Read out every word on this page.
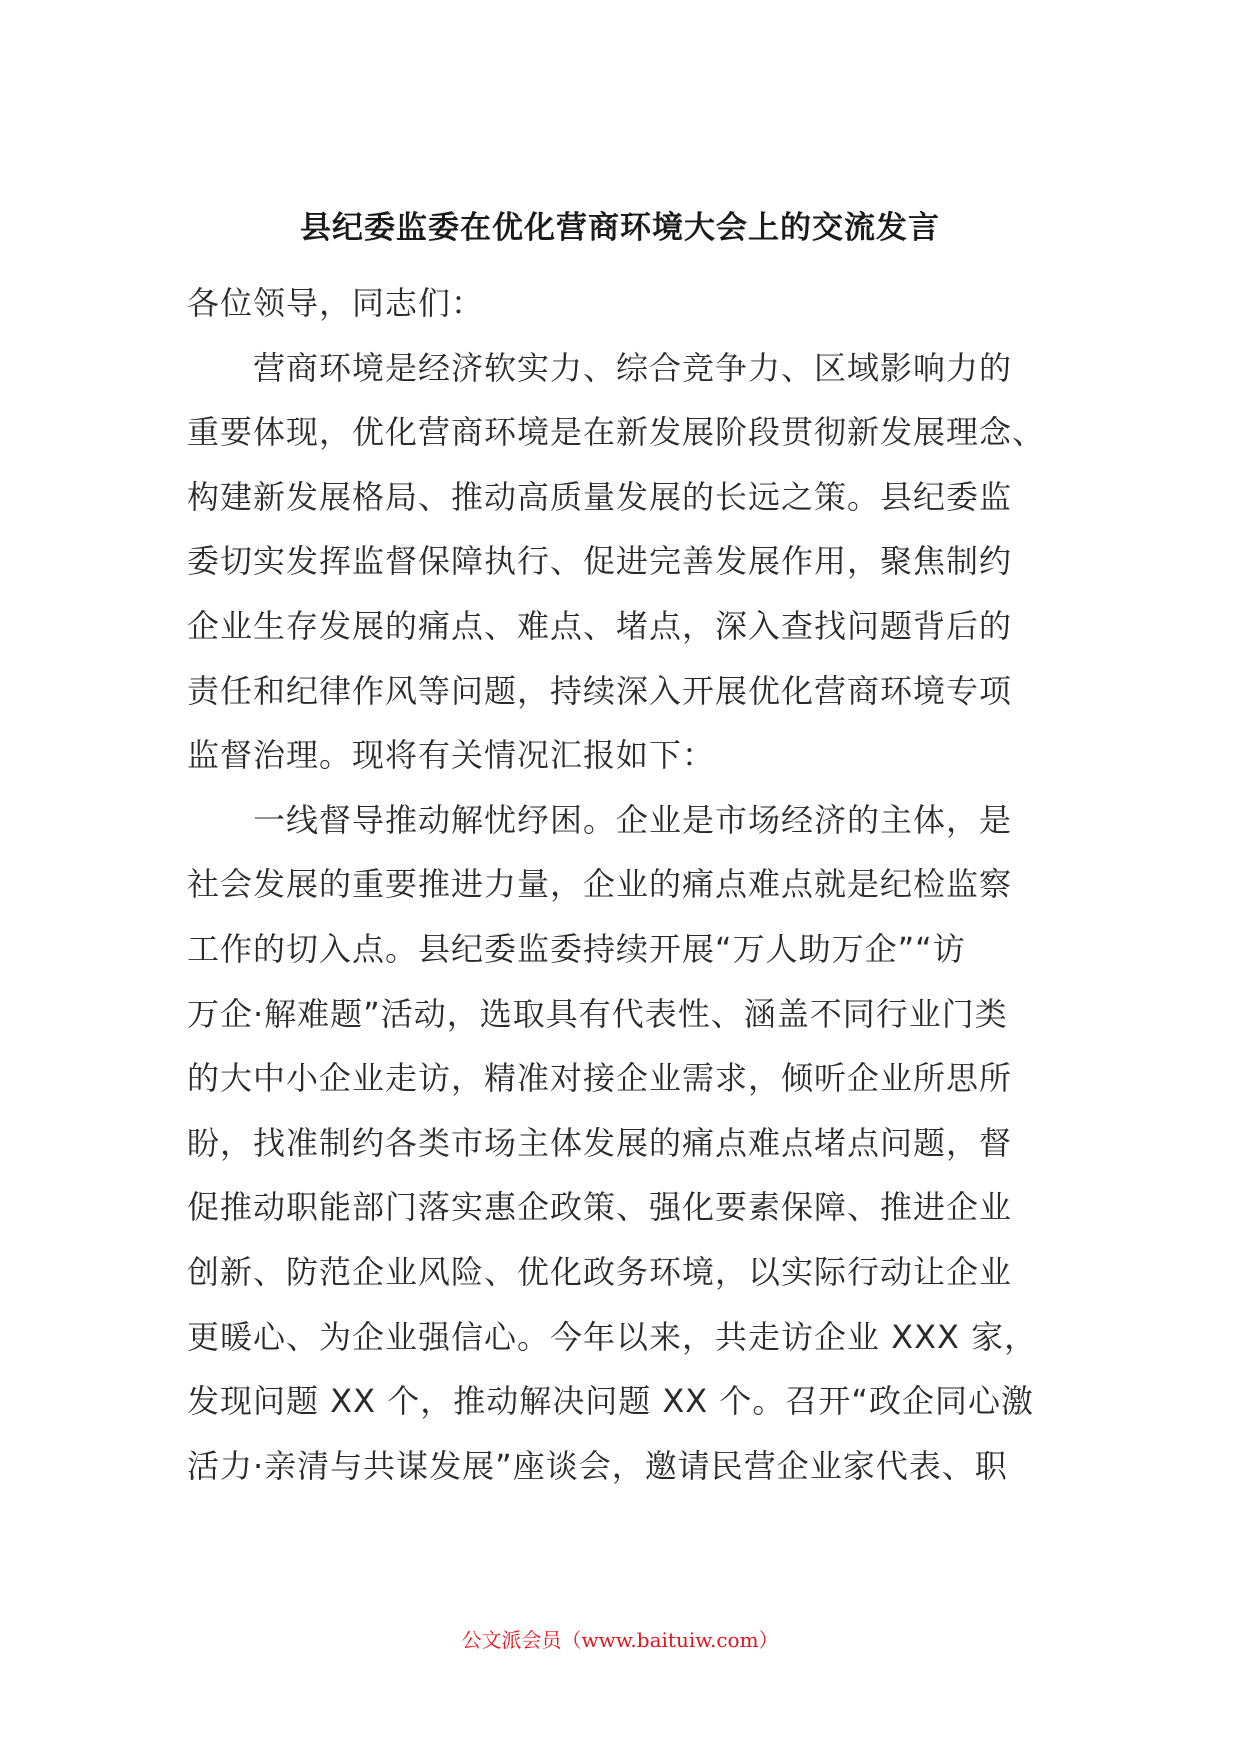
县纪委监委在优化营商环境大会上的交流发言
各位领导，同志们：
　　营商环境是经济软实力、综合竞争力、区域影响力的
重要体现，优化营商环境是在新发展阶段贯彻新发展理念、
构建新发展格局、推动高质量发展的长远之策。县纪委监
委切实发挥监督保障执行、促进完善发展作用，聚焦制约
企业生存发展的痛点、难点、堵点，深入查找问题背后的
责任和纪律作风等问题，持续深入开展优化营商环境专项
监督治理。现将有关情况汇报如下：
　　一线督导推动解忧纾困。企业是市场经济的主体，是
社会发展的重要推进力量，企业的痛点难点就是纪检监察
工作的切入点。县纪委监委持续开展“万人助万企”“访
万企·解难题”活动，选取具有代表性、涵盖不同行业门类
的大中小企业走访，精准对接企业需求，倾听企业所思所
盼，找准制约各类市场主体发展的痛点难点堵点问题，督
促推动职能部门落实惠企政策、强化要素保障、推进企业
创新、防范企业风险、优化政务环境，以实际行动让企业
更暖心、为企业强信心。今年以来，共走访企业 XXX 家，
发现问题 XX 个，推动解决问题 XX 个。召开“政企同心激
活力·亲清与共谋发展”座谈会，邀请民营企业家代表、职
公文派会员（www.baituiw.com）
